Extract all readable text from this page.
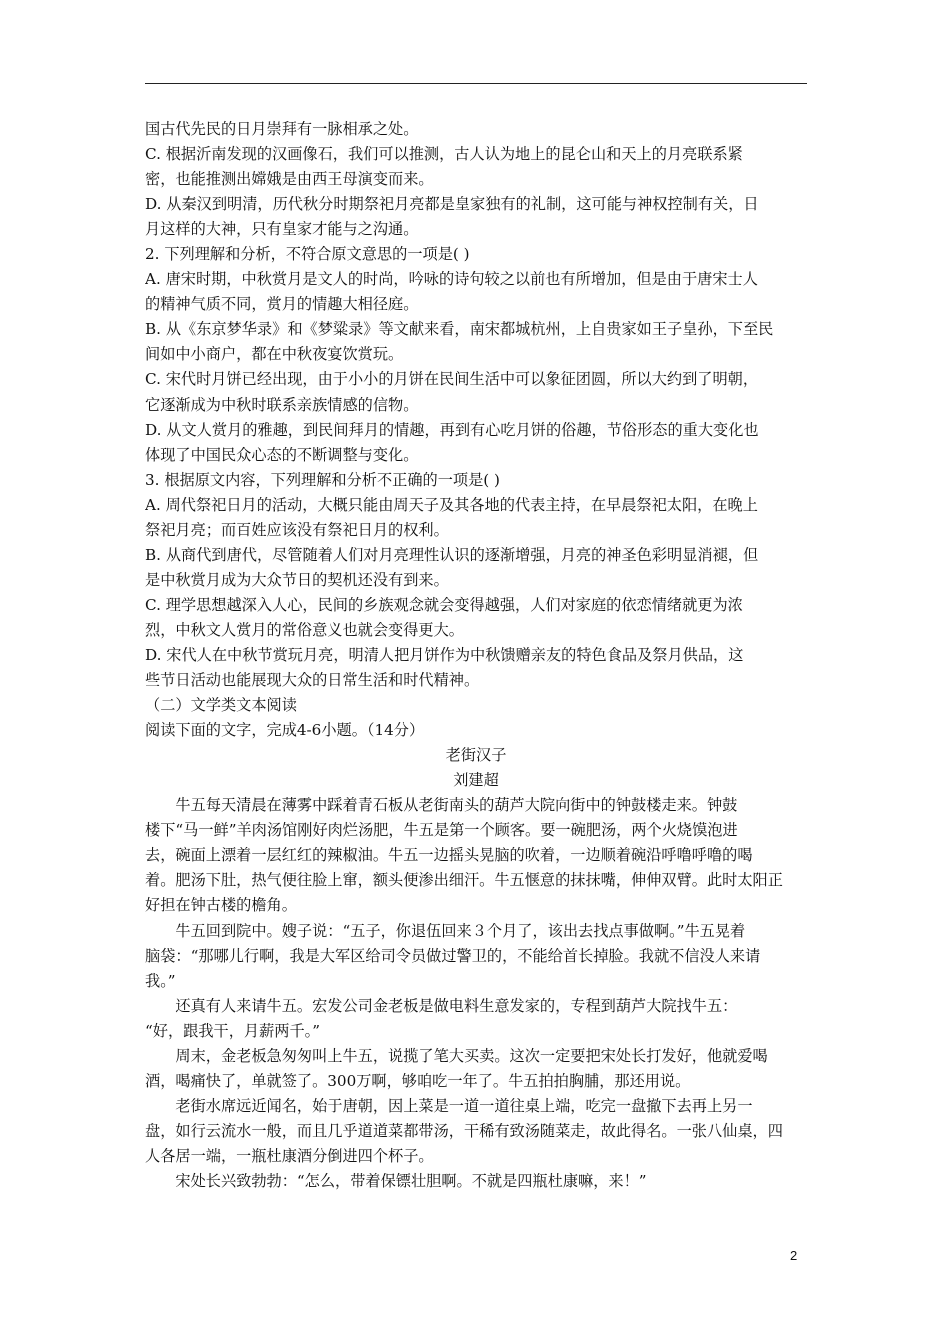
国古代先民的日月崇拜有一脉相承之处。
C. 根据沂南发现的汉画像石，我们可以推测，古人认为地上的昆仑山和天上的月亮联系紧
密，也能推测出嫦娥是由西王母演变而来。
D. 从秦汉到明清，历代秋分时期祭祀月亮都是皇家独有的礼制，这可能与神权控制有关，日
月这样的大神，只有皇家才能与之沟通。
2. 下列理解和分析，不符合原文意思的一项是( )
A. 唐宋时期，中秋赏月是文人的时尚，吟咏的诗句较之以前也有所增加，但是由于唐宋士人
的精神气质不同，赏月的情趣大相径庭。
B. 从《东京梦华录》和《梦粱录》等文献来看，南宋都城杭州，上自贵家如王子皇孙，下至民
间如中小商户，都在中秋夜宴饮赏玩。
C. 宋代时月饼已经出现，由于小小的月饼在民间生活中可以象征团圆，所以大约到了明朝，
它逐渐成为中秋时联系亲族情感的信物。
D. 从文人赏月的雅趣，到民间拜月的情趣，再到有心吃月饼的俗趣，节俗形态的重大变化也
体现了中国民众心态的不断调整与变化。
3. 根据原文内容，下列理解和分析不正确的一项是( )
A. 周代祭祀日月的活动，大概只能由周天子及其各地的代表主持，在早晨祭祀太阳，在晚上
祭祀月亮；而百姓应该没有祭祀日月的权利。
B. 从商代到唐代，尽管随着人们对月亮理性认识的逐渐增强，月亮的神圣色彩明显消褪，但
是中秋赏月成为大众节日的契机还没有到来。
C. 理学思想越深入人心，民间的乡族观念就会变得越强，人们对家庭的依恋情绪就更为浓
烈，中秋文人赏月的常俗意义也就会变得更大。
D. 宋代人在中秋节赏玩月亮，明清人把月饼作为中秋馈赠亲友的特色食品及祭月供品，这
些节日活动也能展现大众的日常生活和时代精神。
（二）文学类文本阅读
阅读下面的文字，完成4-6小题。（14分）
老街汉子
刘建超
　　牛五每天清晨在薄雾中踩着青石板从老街南头的葫芦大院向街中的钟鼓楼走来。钟鼓
楼下“马一鲜”羊肉汤馆刚好肉烂汤肥，牛五是第一个顾客。要一碗肥汤，两个火烧馍泡进
去，碗面上漂着一层红红的辣椒油。牛五一边摇头晃脑的吹着，一边顺着碗沿呼噜呼噜的喝
着。肥汤下肚，热气便往脸上窜，额头便渗出细汗。牛五惬意的抹抹嘴，伸伸双臂。此时太阳正
好担在钟古楼的檐角。
　　牛五回到院中。嫂子说：“五子，你退伍回来３个月了，该出去找点事做啊。”牛五晃着
脑袋：“那哪儿行啊，我是大军区给司令员做过警卫的，不能给首长掉脸。我就不信没人来请
我。”
　　还真有人来请牛五。宏发公司金老板是做电料生意发家的，专程到葫芦大院找牛五：
“好，跟我干，月薪两千。”
　　周末，金老板急匆匆叫上牛五，说揽了笔大买卖。这次一定要把宋处长打发好，他就爱喝
酒，喝痛快了，单就签了。300万啊，够咱吃一年了。牛五拍拍胸脯，那还用说。
　　老街水席远近闻名，始于唐朝，因上菜是一道一道往桌上端，吃完一盘撤下去再上另一
盘，如行云流水一般，而且几乎道道菜都带汤，干稀有致汤随菜走，故此得名。一张八仙桌，四
人各居一端，一瓶杜康酒分倒进四个杯子。
　　宋处长兴致勃勃：“怎么，带着保镖壮胆啊。不就是四瓶杜康嘛，来！”
2
